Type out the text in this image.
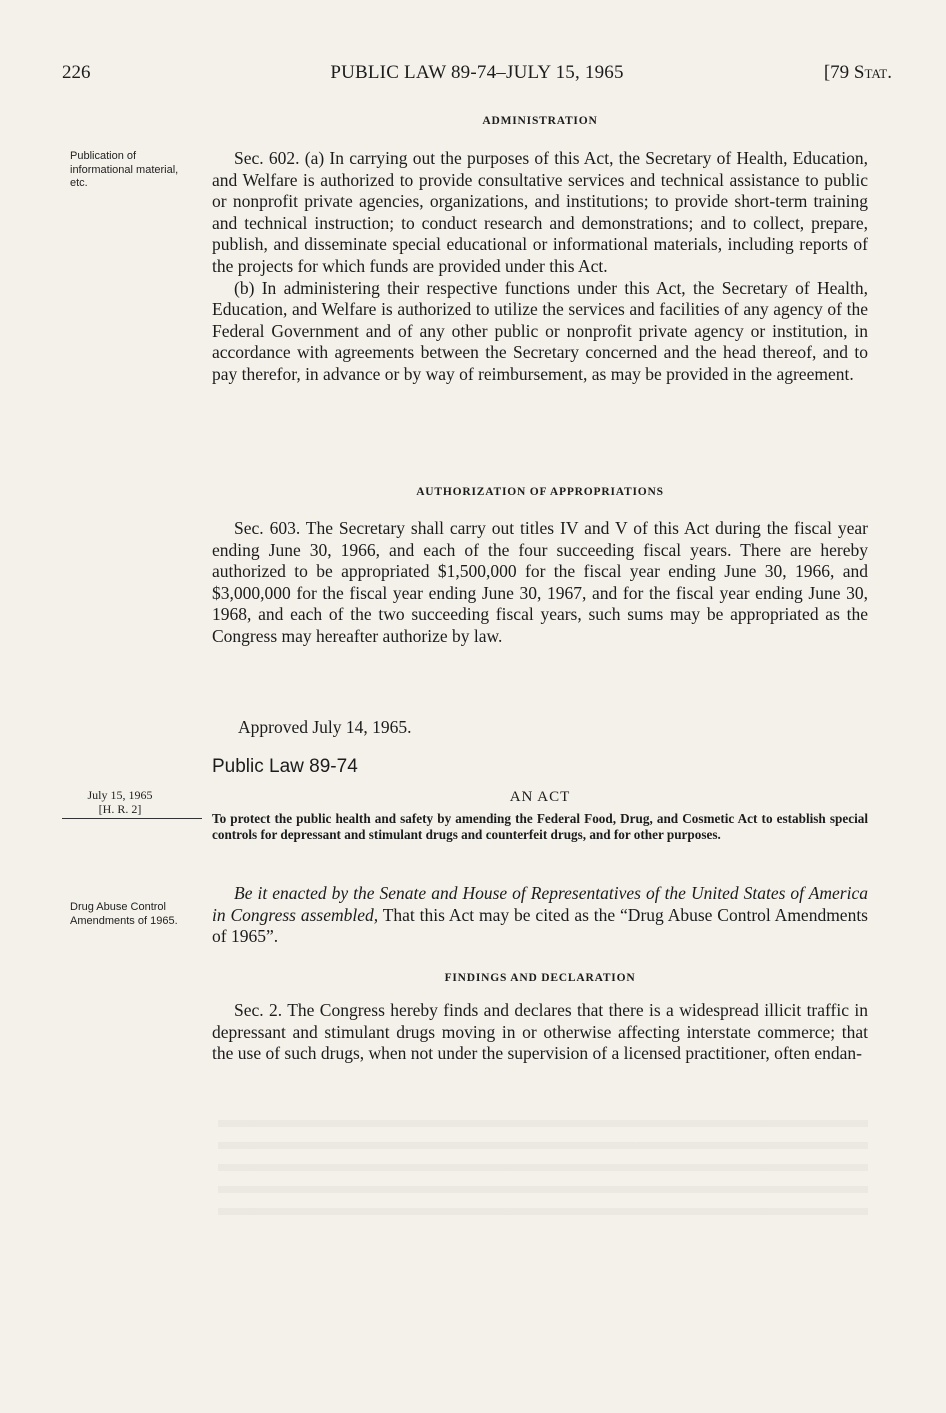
226	PUBLIC LAW 89-74–JULY 15, 1965	[79 Stat.
ADMINISTRATION
Publication of informational material, etc.

Sec. 602. (a) In carrying out the purposes of this Act, the Secretary of Health, Education, and Welfare is authorized to provide consultative services and technical assistance to public or nonprofit private agencies, organizations, and institutions; to provide short-term training and technical instruction; to conduct research and demonstrations; and to collect, prepare, publish, and disseminate special educational or informational materials, including reports of the projects for which funds are provided under this Act.

(b) In administering their respective functions under this Act, the Secretary of Health, Education, and Welfare is authorized to utilize the services and facilities of any agency of the Federal Government and of any other public or nonprofit private agency or institution, in accordance with agreements between the Secretary concerned and the head thereof, and to pay therefor, in advance or by way of reimbursement, as may be provided in the agreement.

AUTHORIZATION OF APPROPRIATIONS

Sec. 603. The Secretary shall carry out titles IV and V of this Act during the fiscal year ending June 30, 1966, and each of the four succeeding fiscal years. There are hereby authorized to be appropriated $1,500,000 for the fiscal year ending June 30, 1966, and $3,000,000 for the fiscal year ending June 30, 1967, and for the fiscal year ending June 30, 1968, and each of the two succeeding fiscal years, such sums may be appropriated as the Congress may hereafter authorize by law.

Approved July 14, 1965.
Public Law 89-74
July 15, 1965
[H. R. 2]
AN ACT

To protect the public health and safety by amending the Federal Food, Drug, and Cosmetic Act to establish special controls for depressant and stimulant drugs and counterfeit drugs, and for other purposes.

Drug Abuse Control Amendments of 1965.

Be it enacted by the Senate and House of Representatives of the United States of America in Congress assembled, That this Act may be cited as the “Drug Abuse Control Amendments of 1965”.

FINDINGS AND DECLARATION

Sec. 2. The Congress hereby finds and declares that there is a widespread illicit traffic in depressant and stimulant drugs moving in or otherwise affecting interstate commerce; that the use of such drugs, when not under the supervision of a licensed practitioner, often endan-
